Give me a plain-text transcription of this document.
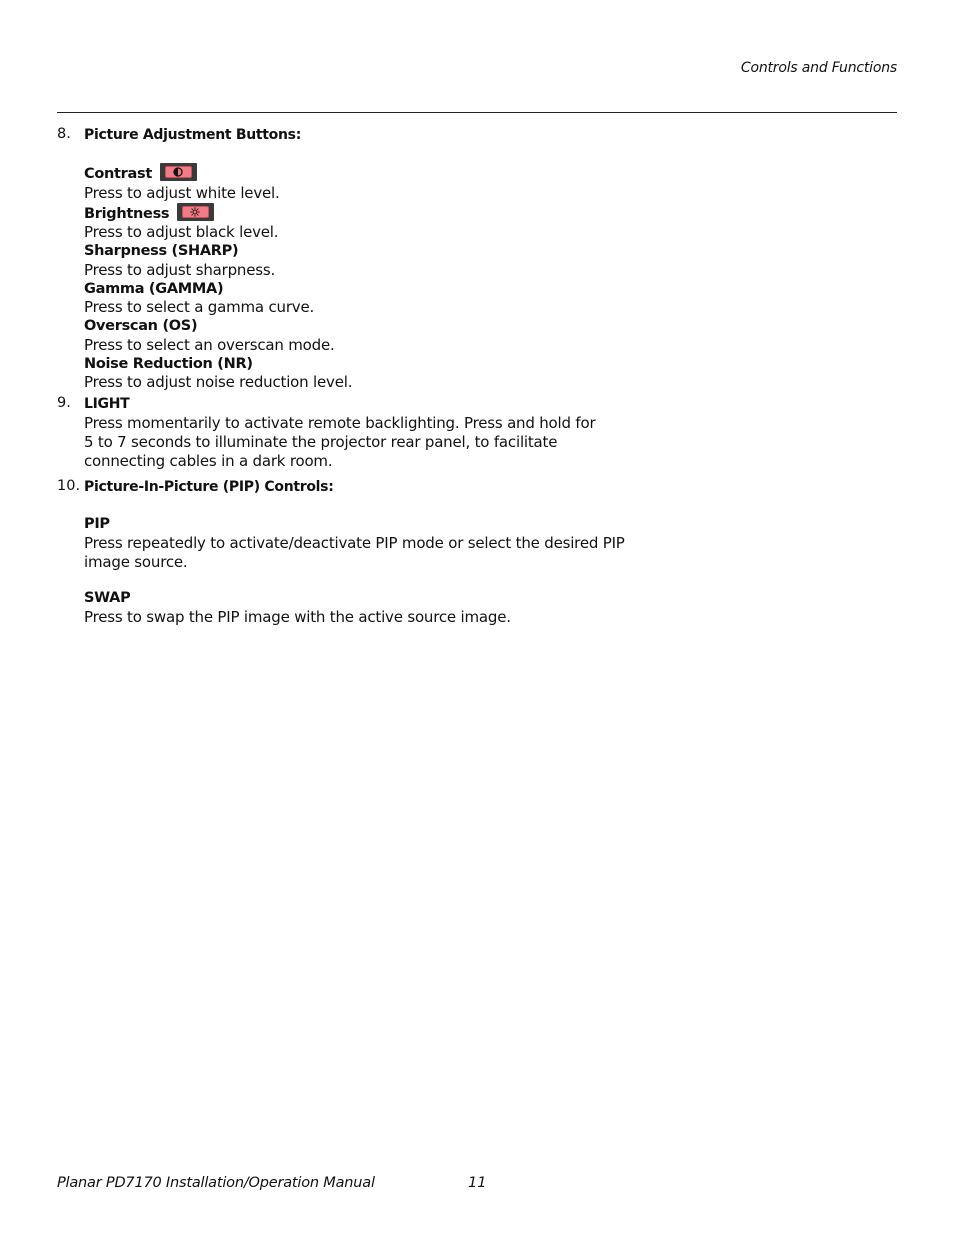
Controls and Functions
8. Picture Adjustment Buttons:
Contrast
Press to adjust white level.
Brightness
Press to adjust black level.
Sharpness (SHARP)
Press to adjust sharpness.
Gamma (GAMMA)
Press to select a gamma curve.
Overscan (OS)
Press to select an overscan mode.
Noise Reduction (NR)
Press to adjust noise reduction level.
9. LIGHT
Press momentarily to activate remote backlighting. Press and hold for
5 to 7 seconds to illuminate the projector rear panel, to facilitate
connecting cables in a dark room.
10. Picture-In-Picture (PIP) Controls:
PIP
Press repeatedly to activate/deactivate PIP mode or select the desired PIP
image source.
SWAP
Press to swap the PIP image with the active source image.
Planar PD7170 Installation/Operation Manual	11
